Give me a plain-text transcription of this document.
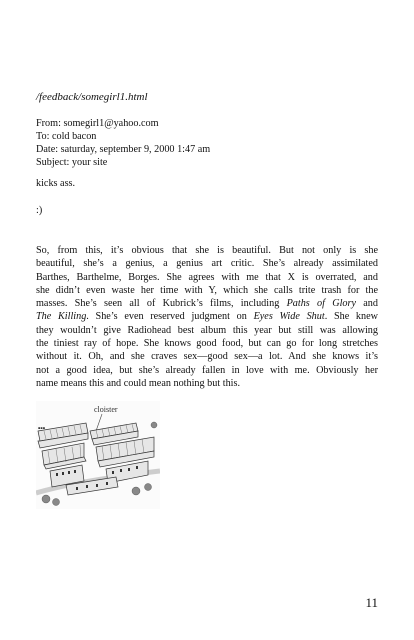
/feedback/somegirl1.html
From: somegirl1@yahoo.com
To: cold bacon
Date: saturday, september 9, 2000 1:47 am
Subject: your site
kicks ass.
:)
So, from this, it’s obvious that she is beautiful. But not only is she
beautiful, she’s a genius, a genius art critic. She’s already assimilated
Barthes, Barthelme, Borges. She agrees with me that X is overrated, and
she didn’t even waste her time with Y, which she calls trite trash for the
masses. She’s seen all of Kubrick’s films, including Paths of Glory and
The Killing. She’s even reserved judgment on Eyes Wide Shut. She knew
they wouldn’t give Radiohead best album this year but still was allowing
the tiniest ray of hope. She knows good food, but can go for long stretches
without it. Oh, and she craves sex—good sex—a lot. And she knows it’s
not a good idea, but she’s already fallen in love with me. Obviously her
name means this and could mean nothing but this.
cloister
▪▪▪
11
